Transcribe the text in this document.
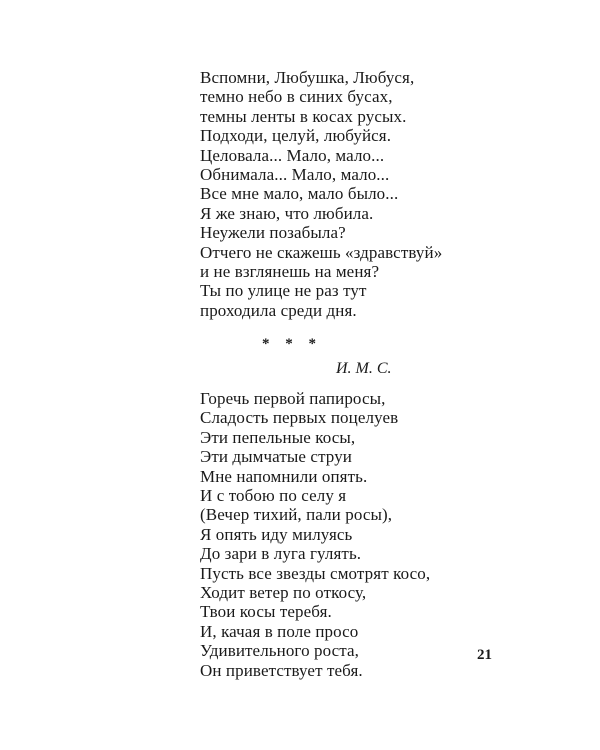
Вспомни, Любушка, Любуся,
темно небо в синих бусах,
темны ленты в косах русых.
Подходи, целуй, любуйся.
Целовала... Мало, мало...
Обнимала... Мало, мало...
Все мне мало, мало было...
Я же знаю, что любила.
Неужели позабыла?
Отчего не скажешь «здравствуй»
и не взглянешь на меня?
Ты по улице не раз тут
проходила среди дня.
* * *
И. М. С.
Горечь первой папиросы,
Сладость первых поцелуев
Эти пепельные косы,
Эти дымчатые струи
Мне напомнили опять.
И с тобою по селу я
(Вечер тихий, пали росы),
Я опять иду милуясь
До зари в луга гулять.
Пусть все звезды смотрят косо,
Ходит ветер по откосу,
Твои косы теребя.
И, качая в поле просо
Удивительного роста,
Он приветствует тебя.
21
